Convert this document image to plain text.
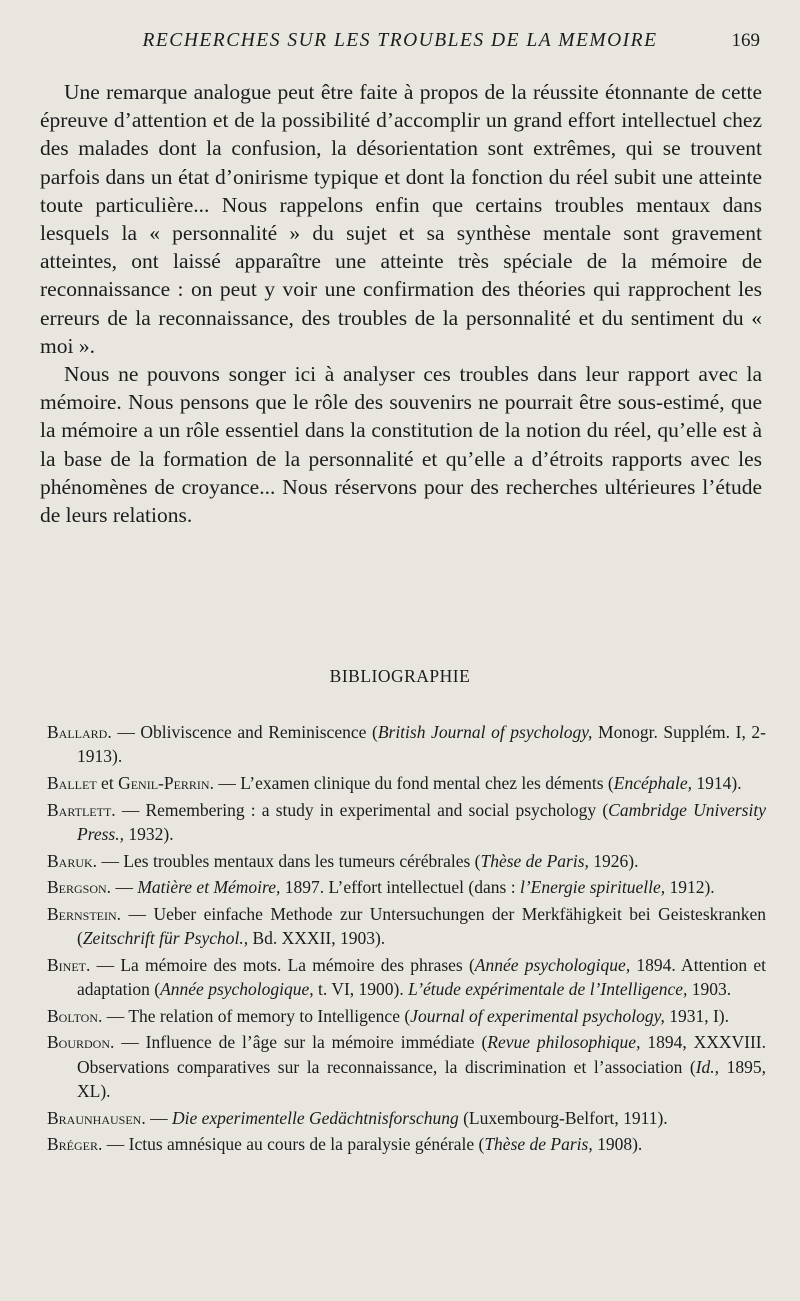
RECHERCHES SUR LES TROUBLES DE LA MEMOIRE	169

Une remarque analogue peut être faite à propos de la réussite étonnante de cette épreuve d’attention et de la possibilité d’accomplir un grand effort intellectuel chez des malades dont la confusion, la désorientation sont extrêmes, qui se trouvent parfois dans un état d’onirisme typique et dont la fonction du réel subit une atteinte toute particulière... Nous rappelons enfin que certains troubles mentaux dans lesquels la « personnalité » du sujet et sa synthèse mentale sont gravement atteintes, ont laissé apparaître une atteinte très spéciale de la mémoire de reconnaissance : on peut y voir une confirmation des théories qui rapprochent les erreurs de la reconnaissance, des troubles de la personnalité et du sentiment du « moi ».

Nous ne pouvons songer ici à analyser ces troubles dans leur rapport avec la mémoire. Nous pensons que le rôle des souvenirs ne pourrait être sous-estimé, que la mémoire a un rôle essentiel dans la constitution de la notion du réel, qu’elle est à la base de la formation de la personnalité et qu’elle a d’étroits rapports avec les phénomènes de croyance... Nous réservons pour des recherches ultérieures l’étude de leurs relations.

BIBLIOGRAPHIE

Ballard. — Obliviscence and Reminiscence (British Journal of psychology, Monogr. Supplém. I, 2-1913).

Ballet et Genil-Perrin. — L’examen clinique du fond mental chez les déments (Encéphale, 1914).

Bartlett. — Remembering : a study in experimental and social psychology (Cambridge University Press., 1932).

Baruk. — Les troubles mentaux dans les tumeurs cérébrales (Thèse de Paris, 1926).

Bergson. — Matière et Mémoire, 1897. L’effort intellectuel (dans : l’Energie spirituelle, 1912).

Bernstein. — Ueber einfache Methode zur Untersuchungen der Merkfähigkeit bei Geisteskranken (Zeitschrift für Psychol., Bd. XXXII, 1903).

Binet. — La mémoire des mots. La mémoire des phrases (Année psychologique, 1894. Attention et adaptation (Année psychologique, t. VI, 1900). L’étude expérimentale de l’Intelligence, 1903.

Bolton. — The relation of memory to Intelligence (Journal of experimental psychology, 1931, I).

Bourdon. — Influence de l’âge sur la mémoire immédiate (Revue philosophique, 1894, XXXVIII. Observations comparatives sur la reconnaissance, la discrimination et l’association (Id., 1895, XL).

Braunhausen. — Die experimentelle Gedächtnisforschung (Luxembourg-Belfort, 1911).

Bréger. — Ictus amnésique au cours de la paralysie générale (Thèse de Paris, 1908).
